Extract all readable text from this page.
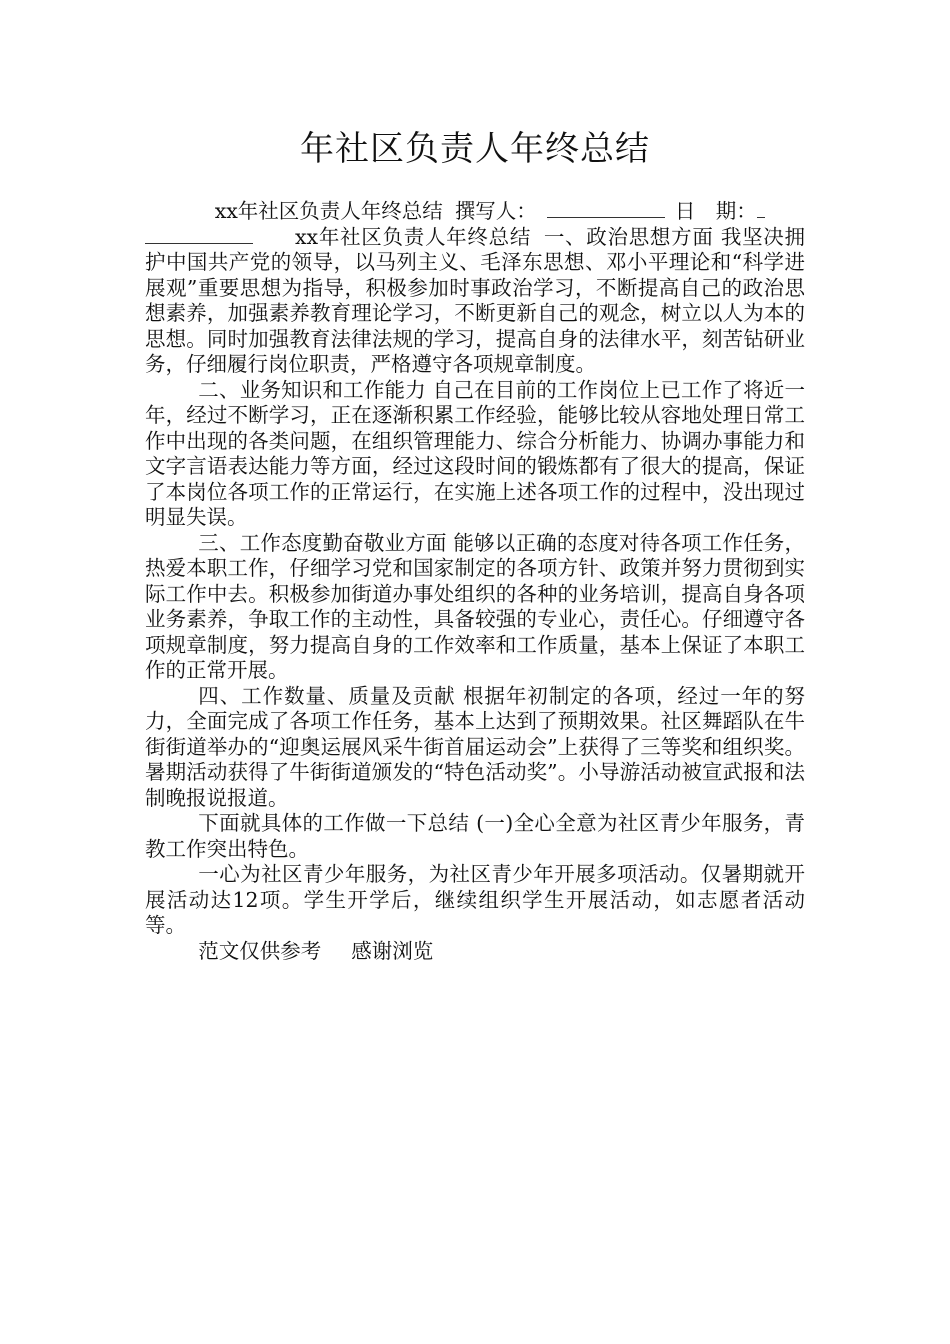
年社区负责人年终总结

xx年社区负责人年终总结 撰写人：	日　期：
xx年社区负责人年终总结 一、政治思想方面 我坚决拥护中国共产党的领导，以马列主义、毛泽东思想、邓小平理论和“科学进展观”重要思想为指导，积极参加时事政治学习，不断提高自己的政治思想素养，加强素养教育理论学习，不断更新自己的观念，树立以人为本的思想。同时加强教育法律法规的学习，提高自身的法律水平，刻苦钻研业务，仔细履行岗位职责，严格遵守各项规章制度。

二、业务知识和工作能力 自己在目前的工作岗位上已工作了将近一年，经过不断学习，正在逐渐积累工作经验，能够比较从容地处理日常工作中出现的各类问题，在组织管理能力、综合分析能力、协调办事能力和文字言语表达能力等方面，经过这段时间的锻炼都有了很大的提高，保证了本岗位各项工作的正常运行，在实施上述各项工作的过程中，没出现过明显失误。

三、工作态度勤奋敬业方面 能够以正确的态度对待各项工作任务，热爱本职工作，仔细学习党和国家制定的各项方针、政策并努力贯彻到实际工作中去。积极参加街道办事处组织的各种的业务培训，提高自身各项业务素养，争取工作的主动性，具备较强的专业心，责任心。仔细遵守各项规章制度，努力提高自身的工作效率和工作质量，基本上保证了本职工作的正常开展。

四、工作数量、质量及贡献 根据年初制定的各项，经过一年的努力，全面完成了各项工作任务，基本上达到了预期效果。社区舞蹈队在牛街街道举办的“迎奥运展风采牛街首届运动会”上获得了三等奖和组织奖。暑期活动获得了牛街街道颁发的“特色活动奖”。小导游活动被宣武报和法制晚报说报道。

下面就具体的工作做一下总结 (一)全心全意为社区青少年服务，青教工作突出特色。

一心为社区青少年服务，为社区青少年开展多项活动。仅暑期就开展活动达12项。学生开学后，继续组织学生开展活动，如志愿者活动等。

范文仅供参考 感谢浏览
